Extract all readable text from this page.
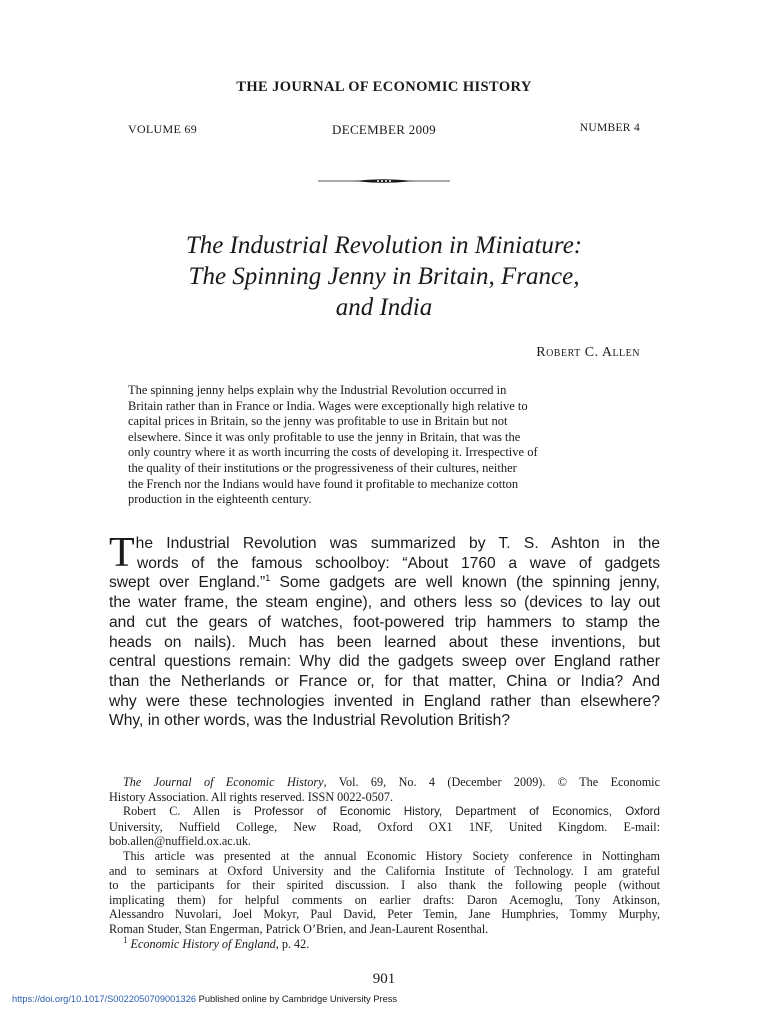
THE JOURNAL OF ECONOMIC HISTORY
VOLUME 69	DECEMBER 2009	NUMBER 4
The Industrial Revolution in Miniature:
The Spinning Jenny in Britain, France,
and India
Robert C. Allen
The spinning jenny helps explain why the Industrial Revolution occurred in
Britain rather than in France or India. Wages were exceptionally high relative to
capital prices in Britain, so the jenny was profitable to use in Britain but not
elsewhere. Since it was only profitable to use the jenny in Britain, that was the
only country where it as worth incurring the costs of developing it. Irrespective of
the quality of their institutions or the progressiveness of their cultures, neither
the French nor the Indians would have found it profitable to mechanize cotton
production in the eighteenth century.
T he Industrial Revolution was summarized by T. S. Ashton in the
words of the famous schoolboy: “About 1760 a wave of gadgets
swept over England.”$^1$ Some gadgets are well known (the spinning jenny,
the water frame, the steam engine), and others less so (devices to lay out
and cut the gears of watches, foot-powered trip hammers to stamp the
heads on nails). Much has been learned about these inventions, but
central questions remain: Why did the gadgets sweep over England rather
than the Netherlands or France or, for that matter, China or India? And
why were these technologies invented in England rather than elsewhere?
Why, in other words, was the Industrial Revolution British?
The Journal of Economic History, Vol. 69, No. 4 (December 2009). © The Economic
History Association. All rights reserved. ISSN 0022-0507.
Robert C. Allen is Professor of Economic History, Department of Economics, Oxford
University, Nuffield College, New Road, Oxford OX1 1NF, United Kingdom. E-mail:
bob.allen@nuffield.ox.ac.uk.
This article was presented at the annual Economic History Society conference in Nottingham
and to seminars at Oxford University and the California Institute of Technology. I am grateful
to the participants for their spirited discussion. I also thank the following people (without
implicating them) for helpful comments on earlier drafts: Daron Acemoglu, Tony Atkinson,
Alessandro Nuvolari, Joel Mokyr, Paul David, Peter Temin, Jane Humphries, Tommy Murphy,
Roman Studer, Stan Engerman, Patrick O’Brien, and Jean-Laurent Rosenthal.
$^1$ Economic History of England, p. 42.
901
https://doi.org/10.1017/S0022050709001326 Published online by Cambridge University Press
